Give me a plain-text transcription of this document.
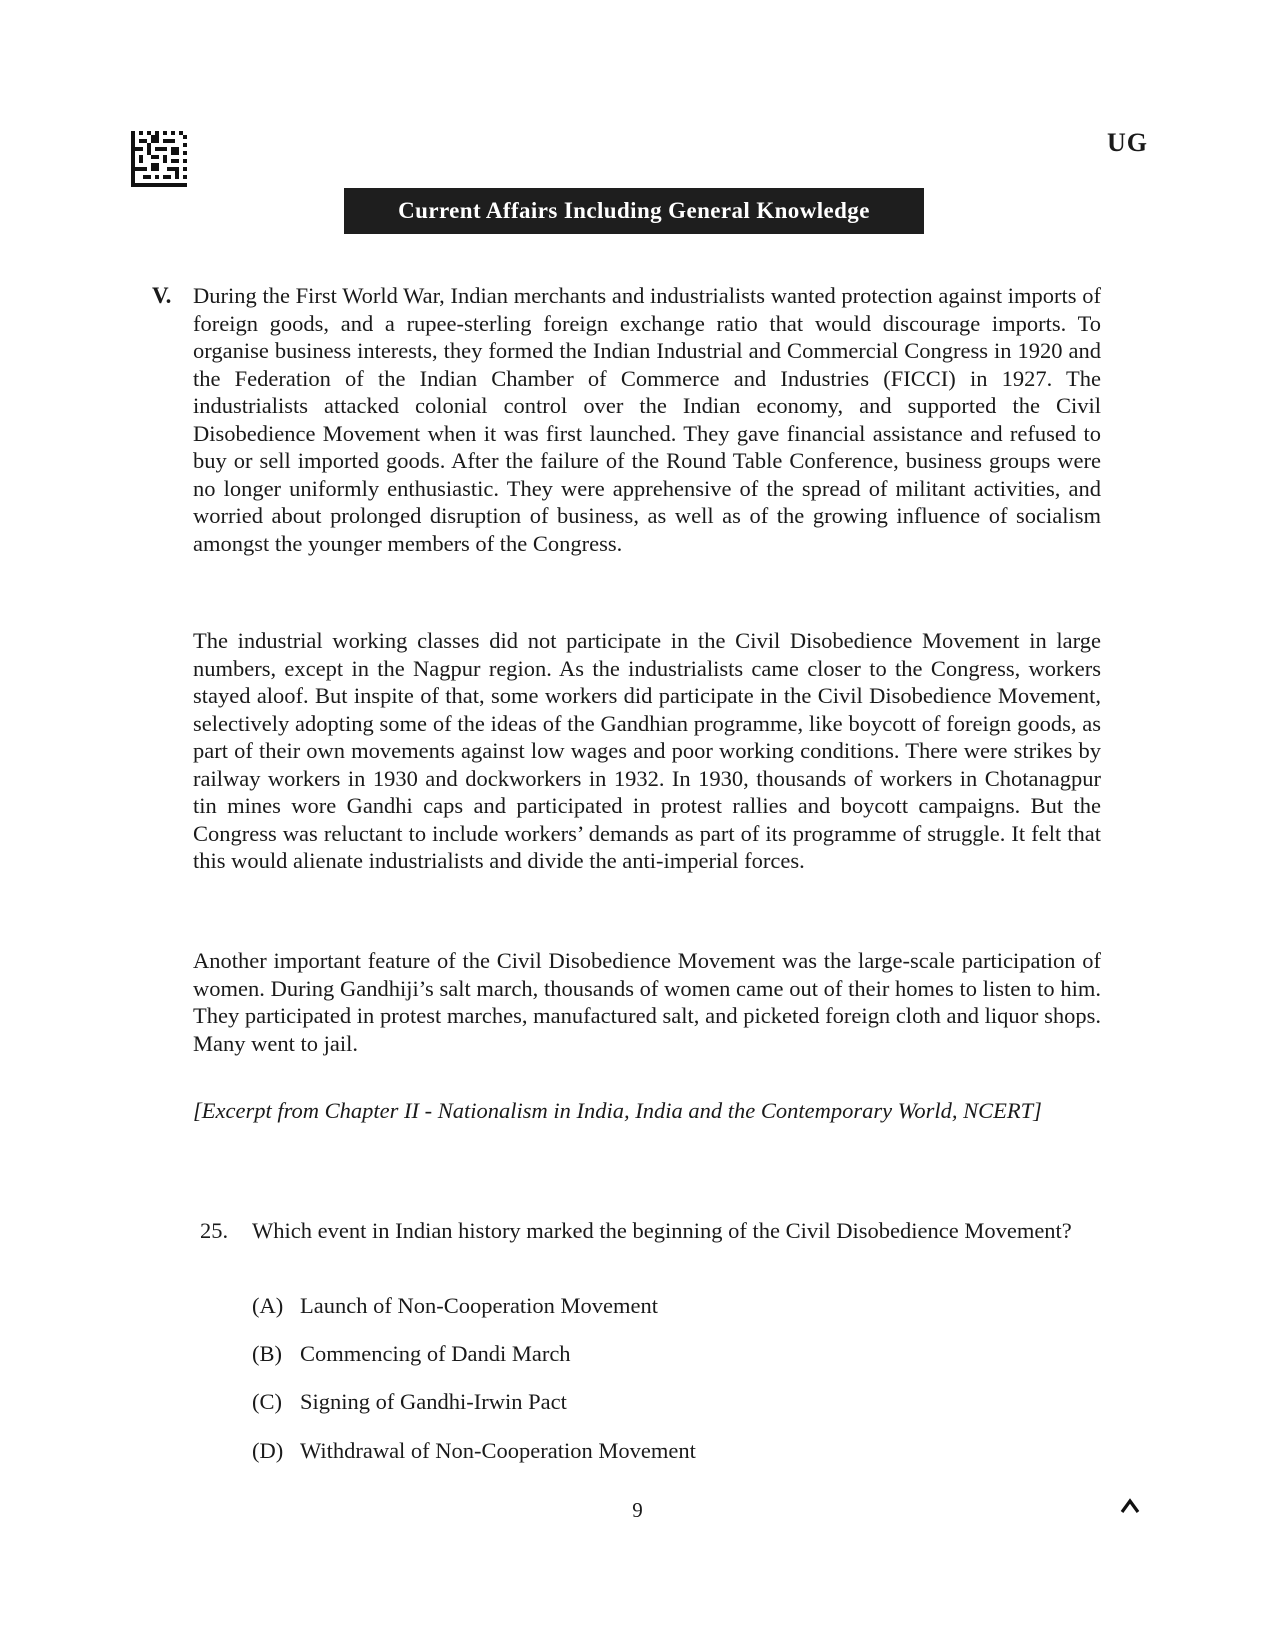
UG
Current Affairs Including General Knowledge
V. During the First World War, Indian merchants and industrialists wanted protection against imports of foreign goods, and a rupee-sterling foreign exchange ratio that would discourage imports. To organise business interests, they formed the Indian Industrial and Commercial Congress in 1920 and the Federation of the Indian Chamber of Commerce and Industries (FICCI) in 1927. The industrialists attacked colonial control over the Indian economy, and supported the Civil Disobedience Movement when it was first launched. They gave financial assistance and refused to buy or sell imported goods. After the failure of the Round Table Conference, business groups were no longer uniformly enthusiastic. They were apprehensive of the spread of militant activities, and worried about prolonged disruption of business, as well as of the growing influence of socialism amongst the younger members of the Congress.

The industrial working classes did not participate in the Civil Disobedience Movement in large numbers, except in the Nagpur region. As the industrialists came closer to the Congress, workers stayed aloof. But inspite of that, some workers did participate in the Civil Disobedience Movement, selectively adopting some of the ideas of the Gandhian programme, like boycott of foreign goods, as part of their own movements against low wages and poor working conditions. There were strikes by railway workers in 1930 and dockworkers in 1932. In 1930, thousands of workers in Chotanagpur tin mines wore Gandhi caps and participated in protest rallies and boycott campaigns. But the Congress was reluctant to include workers’ demands as part of its programme of struggle. It felt that this would alienate industrialists and divide the anti-imperial forces.

Another important feature of the Civil Disobedience Movement was the large-scale participation of women. During Gandhiji’s salt march, thousands of women came out of their homes to listen to him. They participated in protest marches, manufactured salt, and picketed foreign cloth and liquor shops. Many went to jail.

[Excerpt from Chapter II - Nationalism in India, India and the Contemporary World, NCERT]

25. Which event in Indian history marked the beginning of the Civil Disobedience Movement?
(A) Launch of Non-Cooperation Movement
(B) Commencing of Dandi March
(C) Signing of Gandhi-Irwin Pact
(D) Withdrawal of Non-Cooperation Movement
9
